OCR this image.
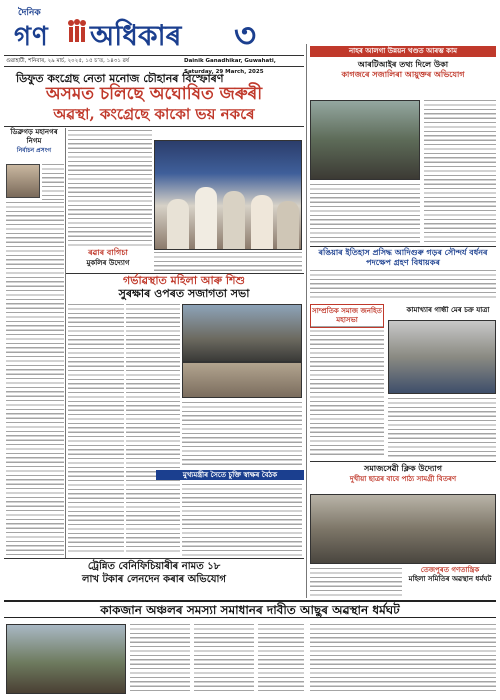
দৈনিক
গণ অধিকাৰ ৩
গুৱাহাটী, শনিবাৰ, ২৯ মাৰ্চ, ২০২৫, ১৫ চ’ত, ১৪৩১ ৱৰ্ষ	Dainik Ganadhikar, Guwahati, Saturday, 29 March, 2025
ডিফুত কংগ্ৰেছ নেতা মনোজ চৌহানৰ বিস্ফোৰণ
অসমত চলিছে অঘোষিত জৰুৰী
অৱস্থা, কংগ্ৰেছে কাকো ভয় নকৰে
ডিব্ৰুগড় মহানগৰ নিগম
নিৰ্বাচন প্ৰসংগ
ৰৱাৰ বাগিচা
মুকলিৰ উদ্যোগ
গৰ্ভাৱস্থাত মহিলা আৰু শিশু
সুৰক্ষাৰ ওপৰত সজাগতা সভা
মুখ্যমন্ত্ৰীৰ সৈতে চুক্তি স্বাক্ষৰ বৈঠক
ট্ৰেন্নিত বেনিফিচিয়াৰীৰ নামত ১৮
লাখ টকাৰ লেনদেন কৰাৰ অভিযোগ
কাকজান অঞ্চলৰ সমস্যা সমাধানৰ দাবীত আছুৰ অৱস্থান ধৰ্মঘট
নাহৰ আলগা উন্নয়ন খণ্ডত আৰম্ভ কাম
আৰটিআইৰ তথ্য দিলে উকা
কাগজৰে সজালিৰা আয়ুক্তৰ অভিযোগ
ৰঙিয়াৰ ইতিহাস প্ৰসিদ্ধ আদিগুৰু গড়ৰ সৌন্দৰ্য বৰ্ধনৰ পদক্ষেপ গ্ৰহণ বিধায়কৰ
সাম্প্ৰতিক সমাজ জনহিত মহাসভা
কামাখ্যাৰ গান্ধী মেৰ চক্ৰ যাত্ৰা
সমাজসেৱী ক্লিক উদ্যোগ
দুখীয়া ছাত্ৰৰ বাবে পাঠ্য সামগ্ৰী বিতৰণ
তেজপুৰত গণতান্ত্ৰিক
মহিলা সমিতিৰ অৱস্থান ধৰ্মঘট
